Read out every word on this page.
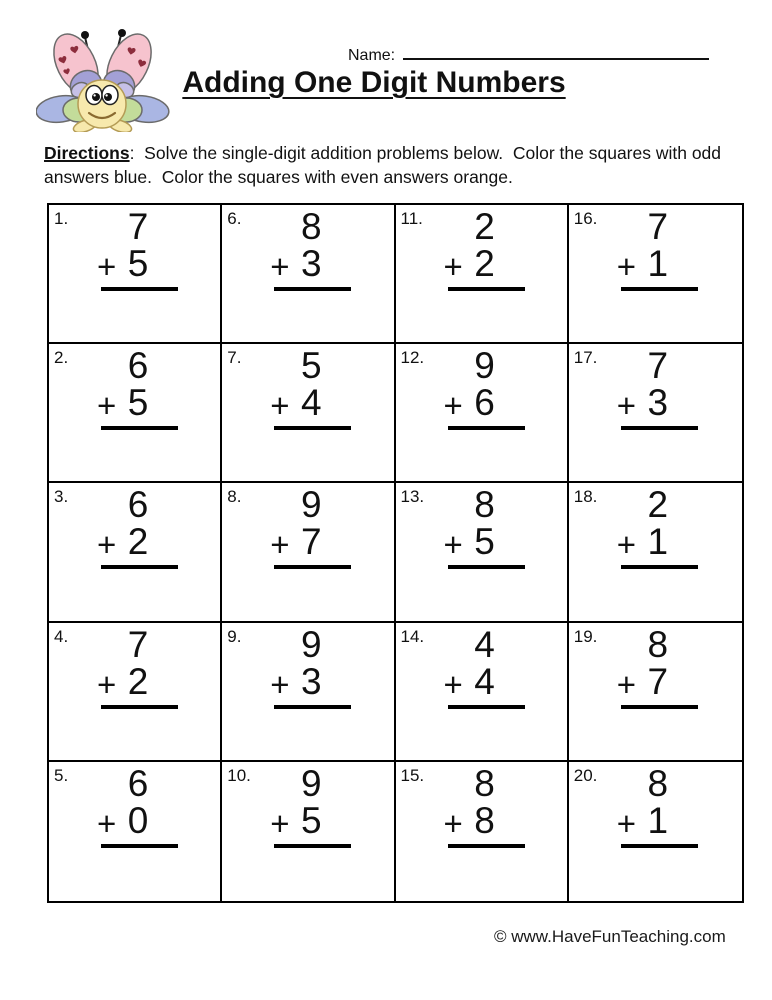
Name:
Adding One Digit Numbers

Directions:  Solve the single-digit addition problems below.  Color the squares with odd answers blue.  Color the squares with even answers orange.

1.	7
+ 5
2.	6
+ 5
3.	6
+ 2
4.	7
+ 2
5.	6
+ 0
6.	8
+ 3
7.	5
+ 4
8.	9
+ 7
9.	9
+ 3
10.	9
+ 5
11.	2
+ 2
12.	9
+ 6
13.	8
+ 5
14.	4
+ 4
15.	8
+ 8
16.	7
+ 1
17.	7
+ 3
18.	2
+ 1
19.	8
+ 7
20.	8
+ 1
© www.HaveFunTeaching.com
